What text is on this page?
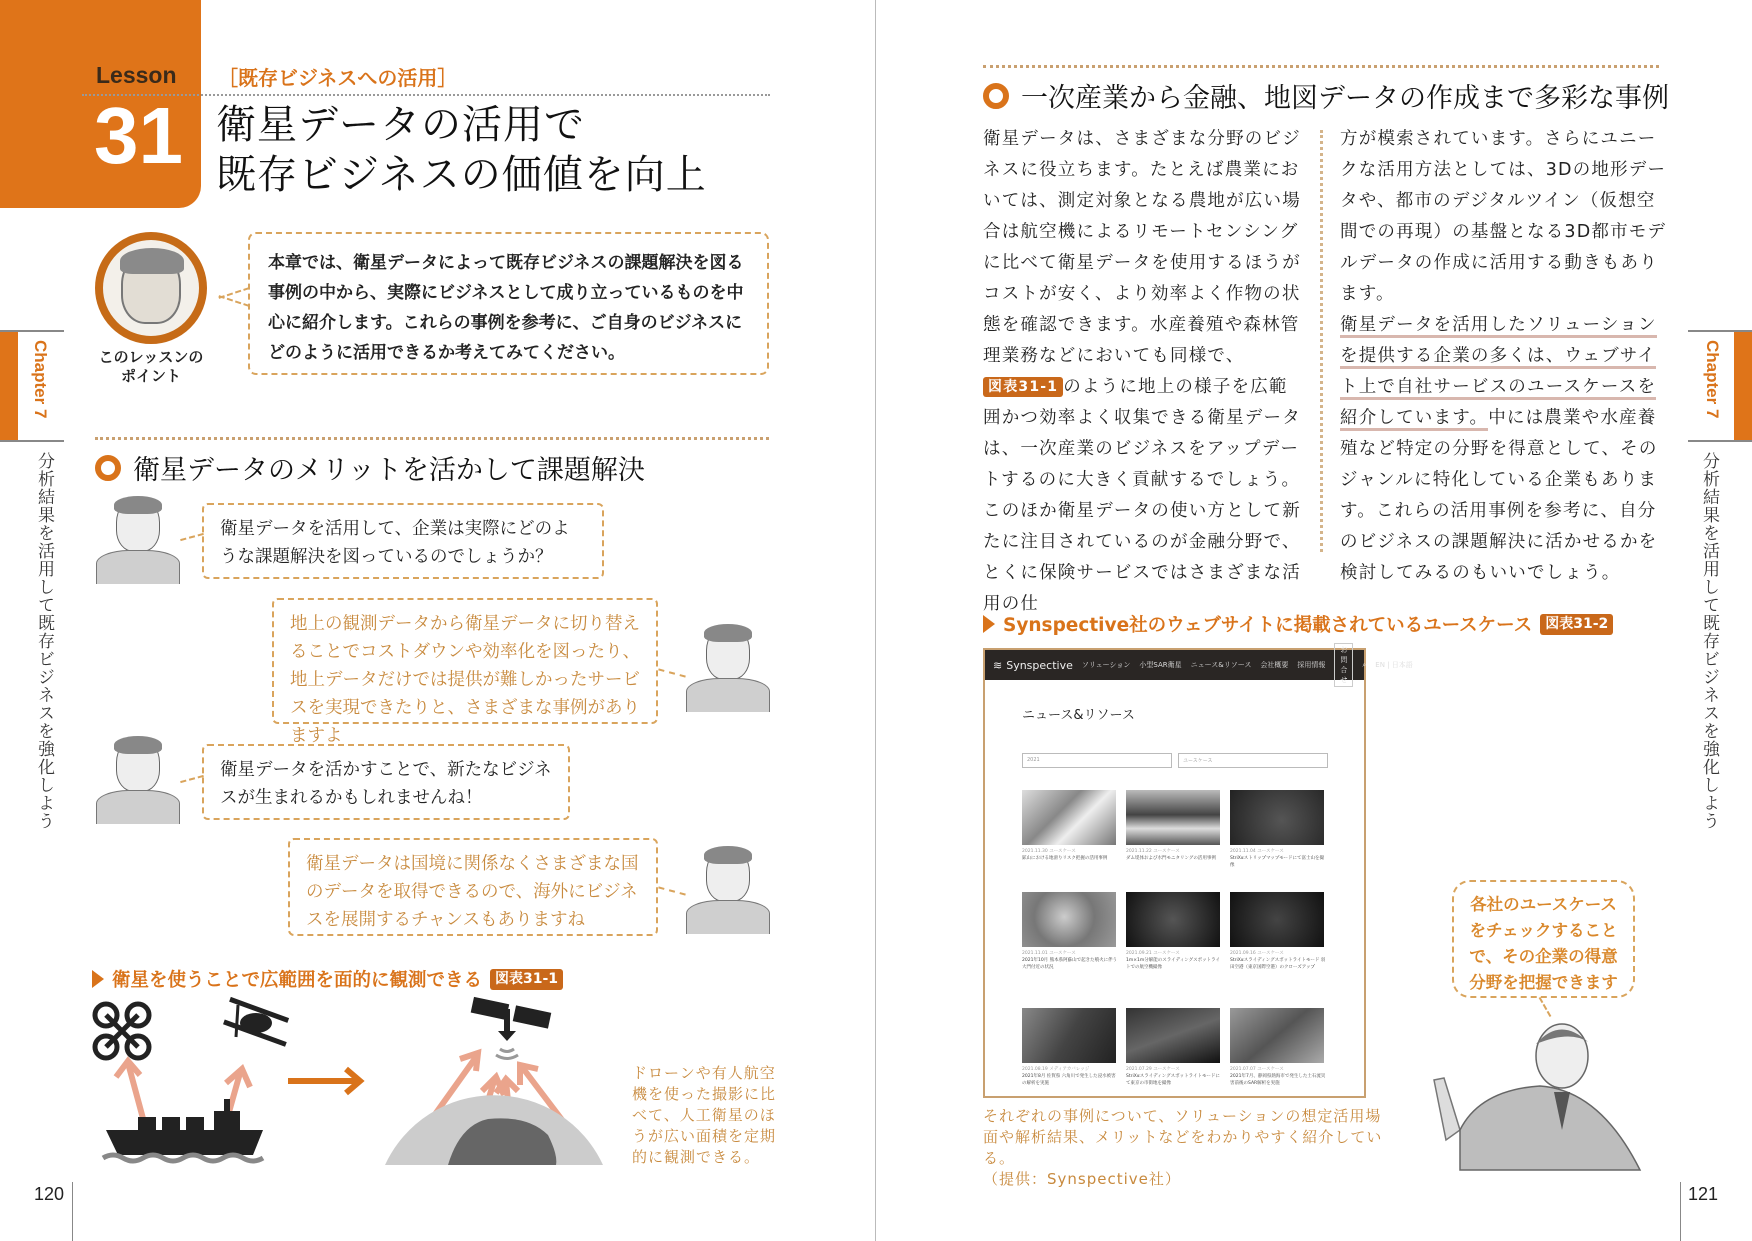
Lesson
31
［既存ビジネスへの活用］
衛星データの活用で
既存ビジネスの価値を向上
このレッスンの
ポイント
本章では、衛星データによって既存ビジネスの課題解決を図る事例の中から、実際にビジネスとして成り立っているものを中心に紹介します。これらの事例を参考に、ご自身のビジネスにどのように活用できるか考えてみてください。
Chapter 7
分析結果を活用して既存ビジネスを強化しよう	衛星データのメリットを活かして課題解決
衛星データを活用して、企業は実際にどのような課題解決を図っているのでしょうか？
地上の観測データから衛星データに切り替えることでコストダウンや効率化を図ったり、地上データだけでは提供が難しかったサービスを実現できたりと、さまざまな事例がありますよ
衛星データを活かすことで、新たなビジネスが生まれるかもしれませんね！
衛星データは国境に関係なくさまざまな国のデータを取得できるので、海外にビジネスを展開するチャンスもありますね
衛星を使うことで広範囲を面的に観測できる 図表31-1
ドローンや有人航空機を使った撮影に比べて、人工衛星のほうが広い面積を定期的に観測できる。
120
一次産業から金融、地図データの作成まで多彩な事例

衛星データは、さまざまな分野のビジネスに役立ちます。たとえば農業においては、測定対象となる農地が広い場合は航空機によるリモートセンシングに比べて衛星データを使用するほうがコストが安く、より効率よく作物の状態を確認できます。水産養殖や森林管理業務などにおいても同様で、図表31-1 のように地上の様子を広範囲かつ効率よく収集できる衛星データは、一次産業のビジネスをアップデートするのに大きく貢献するでしょう。

このほか衛星データの使い方として新たに注目されているのが金融分野で、とくに保険サービスではさまざまな活用の仕

方が模索されています。さらにユニークな活用方法としては、3Dの地形データや、都市のデジタルツイン（仮想空間での再現）の基盤となる3D都市モデルデータの作成に活用する動きもあります。

衛星データを活用したソリューションを提供する企業の多くは、ウェブサイト上で自社サービスのユースケースを紹介しています。中には農業や水産養殖など特定の分野を得意として、そのジャンルに特化している企業もあります。これらの活用事例を参考に、自分のビジネスの課題解決に活かせるかを検討してみるのもいいでしょう。

Synspective社のウェブサイトに掲載されているユースケース 図表31-2
≋ Synspective ソリューション 小型SAR衛星 ニュース&リソース 会社概要 採用情報
お問合せ
⌕ EN | 日本語
ニュース&リソース
2021	ユースケース
2021.11.30 ユースケース
鉱山における地滑りリスク把握の活用事例
2021.11.22 ユースケース
ダム堤体および水門モニタリングの活用事例
2021.11.04 ユースケース
StriXαストリップマップモードにて富士山を撮像
2021.11.01 ユースケース
2021年10月 熊本県阿蘇山で起きた噴火に伴う大門付近の状況
2021.09.21 ユースケース
1m×1m分解能のスライディングスポットライトでの航空機撮像
2021.09.16 ユースケース
StriXαスライディングスポットライトモード 羽田空港（東京国際空港）のクローズアップ
2021.08.19 メディアカバレッジ
2021年8月 佐賀県 六角川で発生した浸水被害の解析を実施
2021.07.29 ユースケース
StriXαスライディングスポットライトモードにて東京の市街地を撮像
2021.07.07 ユースケース
2021年7月、静岡県熱海市で発生した土石流災害前後のSAR解析を実施
それぞれの事例について、ソリューションの想定活用場面や解析結果、メリットなどをわかりやすく紹介している。
（提供：Synspective社）
各社のユースケースをチェックすることで、その企業の得意分野を把握できます
Chapter 7
分析結果を活用して既存ビジネスを強化しよう
121
